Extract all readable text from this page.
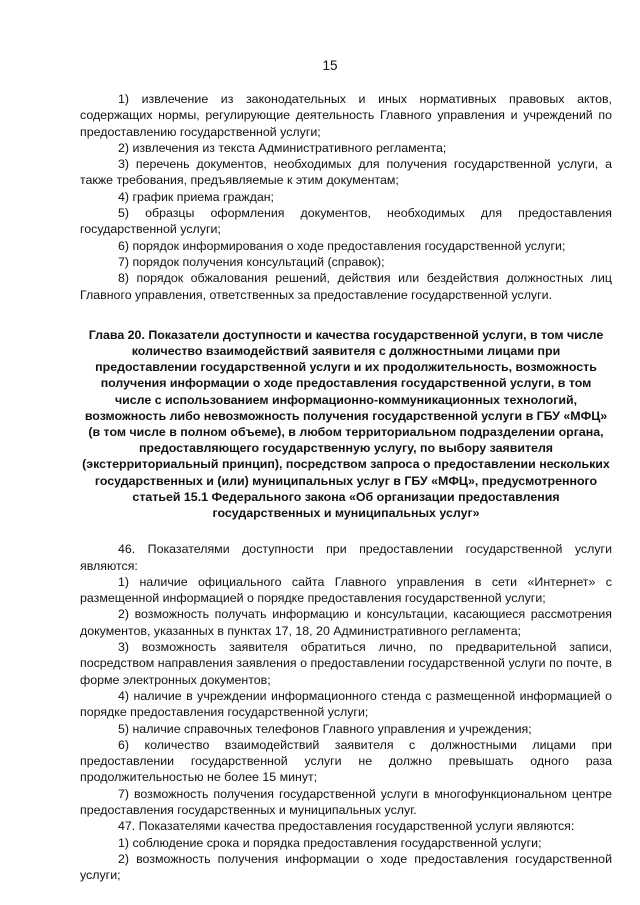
15

1) извлечение из законодательных и иных нормативных правовых актов, содержащих нормы, регулирующие деятельность Главного управления и учреждений по предоставлению государственной услуги;

2) извлечения из текста Административного регламента;

3) перечень документов, необходимых для получения государственной услуги, а также требования, предъявляемые к этим документам;

4) график приема граждан;

5) образцы оформления документов, необходимых для предоставления государственной услуги;

6) порядок информирования о ходе предоставления государственной услуги;

7) порядок получения консультаций (справок);

8) порядок обжалования решений, действия или бездействия должностных лиц Главного управления, ответственных за предоставление государственной услуги.

Глава 20. Показатели доступности и качества государственной услуги, в том числе количество взаимодействий заявителя с должностными лицами при предоставлении государственной услуги и их продолжительность, возможность получения информации о ходе предоставления государственной услуги, в том числе с использованием информационно-коммуникационных технологий, возможность либо невозможность получения государственной услуги в ГБУ «МФЦ» (в том числе в полном объеме), в любом территориальном подразделении органа, предоставляющего государственную услугу, по выбору заявителя (экстерриториальный принцип), посредством запроса о предоставлении нескольких государственных и (или) муниципальных услуг в ГБУ «МФЦ», предусмотренного статьей 15.1 Федерального закона «Об организации предоставления государственных и муниципальных услуг»

46. Показателями доступности при предоставлении государственной услуги являются:

1) наличие официального сайта Главного управления в сети «Интернет» с размещенной информацией о порядке предоставления государственной услуги;

2) возможность получать информацию и консультации, касающиеся рассмотрения документов, указанных в пунктах 17, 18, 20 Административного регламента;

3) возможность заявителя обратиться лично, по предварительной записи, посредством направления заявления о предоставлении государственной услуги по почте, в форме электронных документов;

4) наличие в учреждении информационного стенда с размещенной информацией о порядке предоставления государственной услуги;

5) наличие справочных телефонов Главного управления и учреждения;

6) количество взаимодействий заявителя с должностными лицами при предоставлении государственной услуги не должно превышать одного раза продолжительностью не более 15 минут;

7) возможность получения государственной услуги в многофункциональном центре предоставления государственных и муниципальных услуг.

47. Показателями качества предоставления государственной услуги являются:

1) соблюдение срока и порядка предоставления государственной услуги;

2) возможность получения информации о ходе предоставления государственной услуги;
